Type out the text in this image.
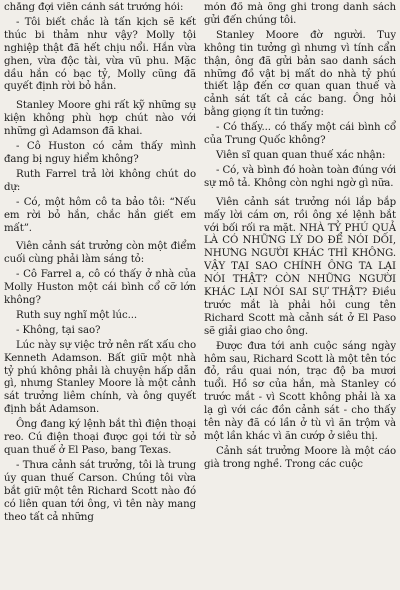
chẳng đợi viên cảnh sát trưởng hỏi:

- Tôi biết chắc là tấn kịch sẽ kết thúc bi thảm như vậy? Molly tội nghiệp thật đã hết chịu nổi. Hắn vừa ghen, vừa độc tài, vừa vũ phu. Mặc dầu hắn có bạc tỷ, Molly cũng đã quyết định rời bỏ hắn.

Stanley Moore ghi rất kỹ những sự kiện không phù hợp chút nào với những gì Adamson đã khai.

- Cô Huston có cảm thấy mình đang bị nguy hiểm không?

Ruth Farrel trả lời không chút do dự:

- Có, một hôm cô ta bảo tôi: “Nếu em rời bỏ hắn, chắc hắn giết em mất”.

Viên cảnh sát trưởng còn một điểm cuối cùng phải làm sáng tỏ:

- Cô Farrel a, cô có thấy ở nhà của Molly Huston một cái bình cổ cỡ lớn không?

Ruth suy nghĩ một lúc...

- Không, tại sao?

Lúc này sự việc trở nên rất xấu cho Kenneth Adamson. Bất giữ một nhà tỷ phú không phải là chuyện hấp dẫn gì, nhưng Stanley Moore là một cảnh sát trưởng liêm chính, và ông quyết định bắt Adamson.

Ông đang ký lệnh bắt thì điện thoại reo. Cú điện thoại được gọi tới từ sở quan thuế ở El Paso, bang Texas.

- Thưa cảnh sát trưởng, tôi là trung úy quan thuế Carson. Chúng tôi vừa bắt giữ một tên Richard Scott nào đó có liên quan tới ông, vì tên này mang theo tất cả những

món đồ mà ông ghi trong danh sách gửi đến chúng tôi.

Stanley Moore đờ người. Tuy không tin tưởng gì nhưng vì tính cẩn thận, ông đã gửi bản sao danh sách những đồ vật bị mất do nhà tỷ phú thiết lập đến cơ quan quan thuế và cảnh sát tất cả các bang. Ông hỏi bằng giọng ít tin tưởng:

- Có thấy... có thấy một cái bình cổ của Trung Quốc không?

Viên sĩ quan quan thuế xác nhận:

- Có, và bình đó hoàn toàn đúng với sự mô tả. Không còn nghi ngờ gì nữa.

Viên cảnh sát trưởng nói lắp bắp mấy lời cám ơn, rồi ông xé lệnh bắt với bối rối ra mặt. NHÀ TỶ PHÚ QUẢ LÀ CÓ NHỮNG LÝ DO ĐỂ NÓI DỐI, NHƯNG NGƯỜI KHÁC THÌ KHÔNG. VẬY TẠI SAO CHÍNH ÔNG TA LẠI NÓI THẬT? CÒN NHỮNG NGƯỜI KHÁC LẠI NÓI SAI SỰ THẬT? Điều trước mắt là phải hỏi cung tên Richard Scott mà cảnh sát ở El Paso sẽ giải giao cho ông.

Được đưa tới anh cuộc sáng ngày hôm sau, Richard Scott là một tên tóc đỏ, rầu quai nón, trạc độ ba mươi tuổi. Hồ sơ của hắn, mà Stanley có trước mắt - vì Scott không phải là xa lạ gì với các đồn cảnh sát - cho thấy tên này đã có lần ở tù vì ăn trộm và một lần khác vì ăn cướp ở siêu thị.

Cảnh sát trưởng Moore là một cáo già trong nghề. Trong các cuộc
